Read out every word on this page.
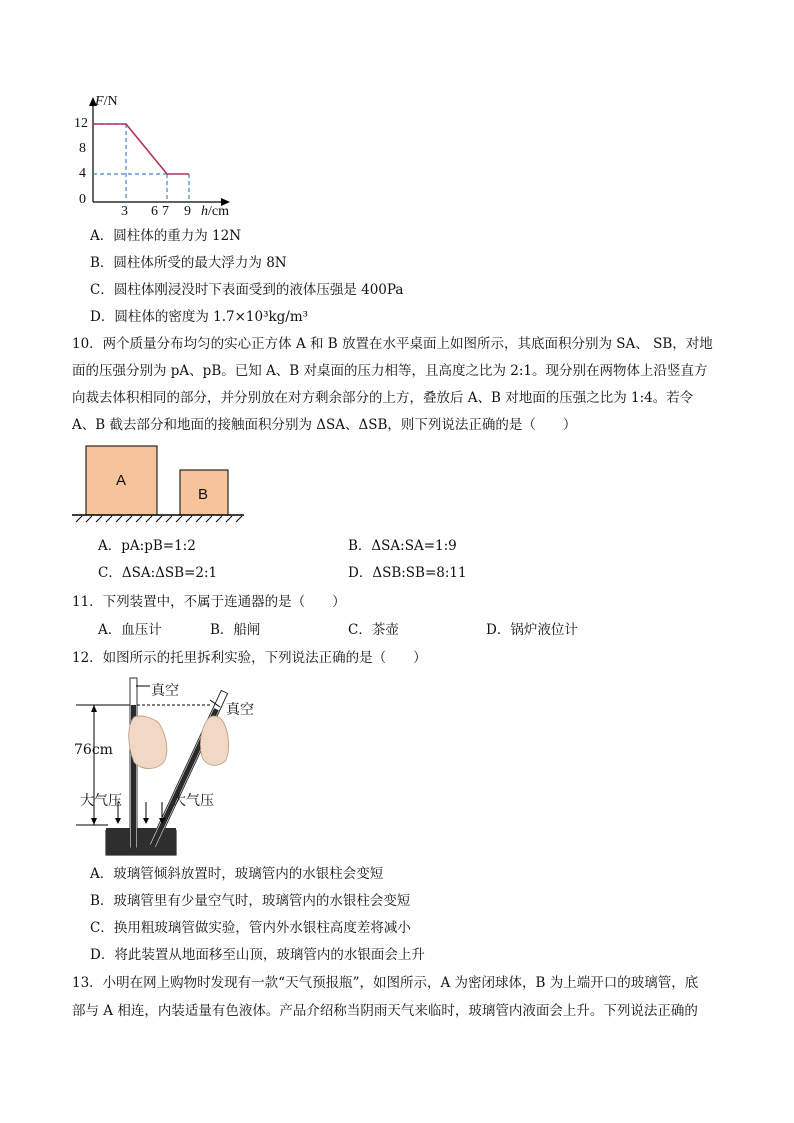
F/N
12
8
4
0
3 6 7 9 h/cm
A．圆柱体的重力为 12N
B．圆柱体所受的最大浮力为 8N
C．圆柱体刚浸没时下表面受到的液体压强是 400Pa
D．圆柱体的密度为 1.7×10³kg/m³
10．两个质量分布均匀的实心正方体 A 和 B 放置在水平桌面上如图所示，其底面积分别为 SA、 SB，对地
面的压强分别为 pA、pB。已知 A、B 对桌面的压力相等，且高度之比为 2:1。现分别在两物体上沿竖直方
向裁去体积相同的部分，并分别放在对方剩余部分的上方，叠放后 A、B 对地面的压强之比为 1:4。若令
A、B 截去部分和地面的接触面积分别为 ΔSA、ΔSB，则下列说法正确的是（　　）
A
B
A．pA:pB=1:2	B．ΔSA:SA=1:9
C．ΔSA:ΔSB=2:1	D．ΔSB:SB=8:11
11．下列装置中，不属于连通器的是（　　）
A．血压计	B．船闸	C．茶壶	D．锅炉液位计
12．如图所示的托里拆利实验，下列说法正确的是（　　）
真空
真空
76cm
大气压	大气压
A．玻璃管倾斜放置时，玻璃管内的水银柱会变短
B．玻璃管里有少量空气时，玻璃管内的水银柱会变短
C．换用粗玻璃管做实验，管内外水银柱高度差将减小
D．将此装置从地面移至山顶，玻璃管内的水银面会上升
13．小明在网上购物时发现有一款“天气预报瓶”，如图所示，A 为密闭球体，B 为上端开口的玻璃管，底
部与 A 相连，内装适量有色液体。产品介绍称当阴雨天气来临时，玻璃管内液面会上升。下列说法正确的
